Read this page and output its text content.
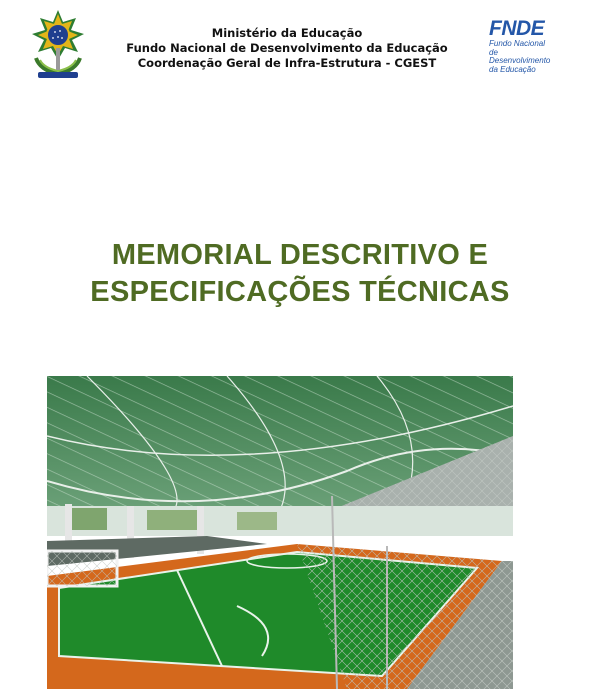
Ministério da Educação
Fundo Nacional de Desenvolvimento da Educação
Coordenação Geral de Infra-Estrutura - CGEST
FNDE
Fundo Nacional
de Desenvolvimento
da Educação
MEMORIAL DESCRITIVO E
ESPECIFICAÇÕES TÉCNICAS
